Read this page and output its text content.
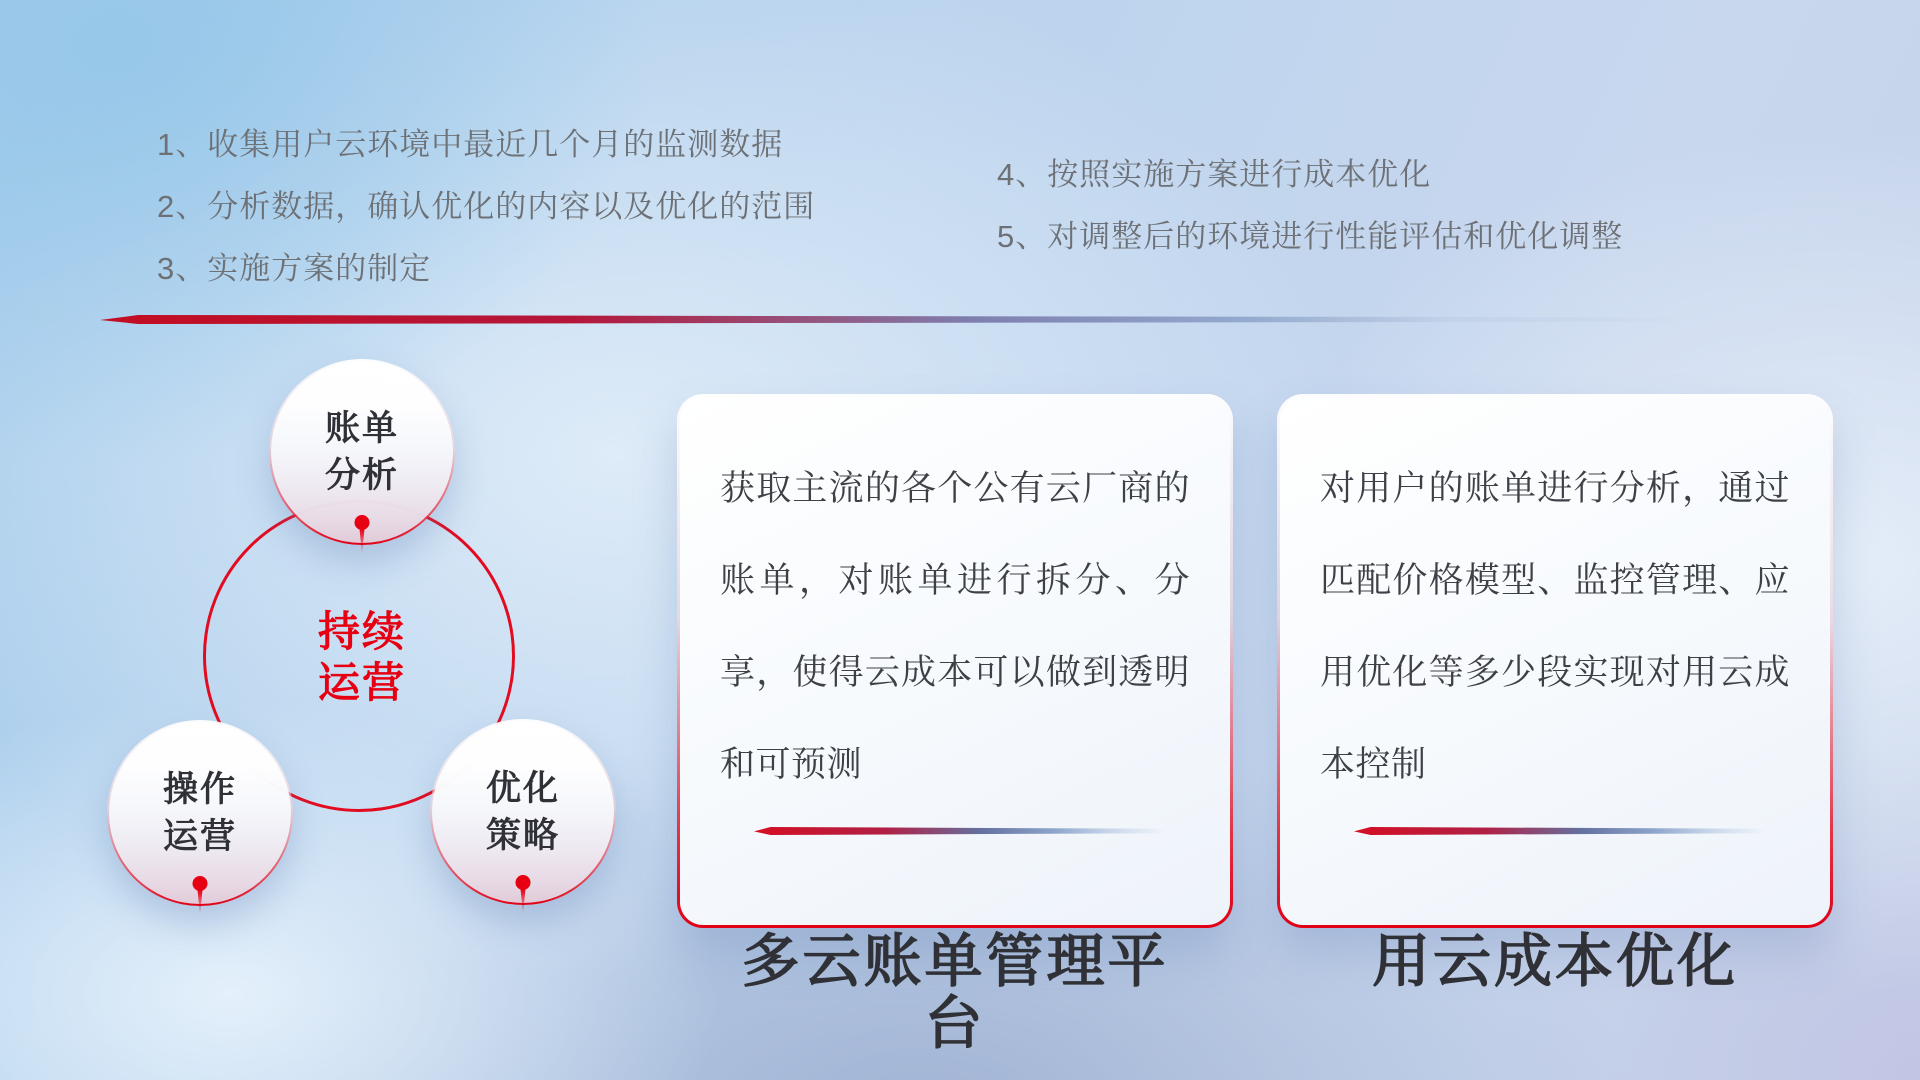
1、收集用户云环境中最近几个月的监测数据
2、分析数据，确认优化的内容以及优化的范围
3、实施方案的制定
4、按照实施方案进行成本优化
5、对调整后的环境进行性能评估和优化调整
持续
运营
账单
分析
操作
运营
优化
策略

获取主流的各个公有云厂商的账单，对账单进行拆分、分享，使得云成本可以做到透明和可预测

多云账单管理平台

对用户的账单进行分析，通过匹配价格模型、监控管理、应用优化等多少段实现对用云成本控制

用云成本优化
